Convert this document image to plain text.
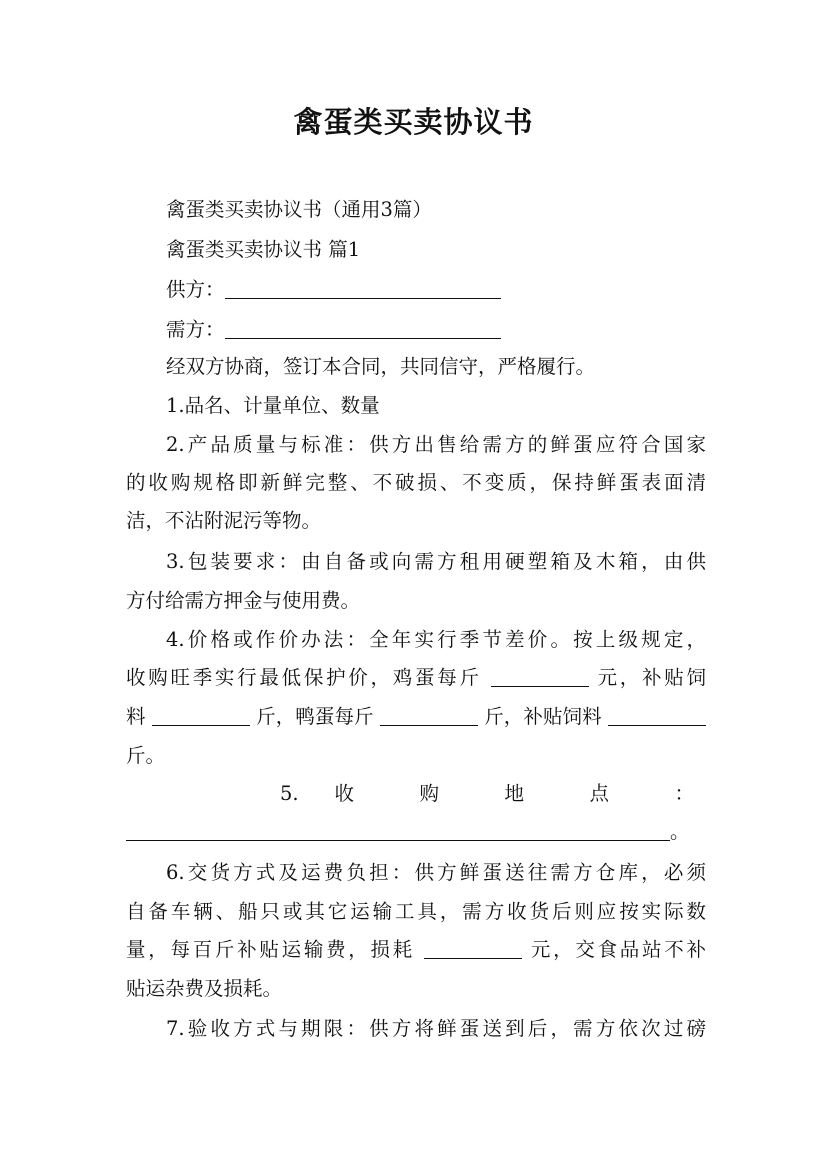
禽蛋类买卖协议书
禽蛋类买卖协议书（通用3篇）
禽蛋类买卖协议书 篇1
供方：
需方：
经双方协商，签订本合同，共同信守，严格履行。
1.品名、计量单位、数量
2.产品质量与标准：供方出售给需方的鲜蛋应符合国家
的收购规格即新鲜完整、不破损、不变质，保持鲜蛋表面清
洁，不沾附泥污等物。
3.包装要求：由自备或向需方租用硬塑箱及木箱，由供
方付给需方押金与使用费。
4.价格或作价办法：全年实行季节差价。按上级规定，
收购旺季实行最低保护价，鸡蛋每斤	元，补贴饲
料	斤，鸭蛋每斤	斤，补贴饲料
斤。
5. 收 购 地 点 ：
。
6.交货方式及运费负担：供方鲜蛋送往需方仓库，必须
自备车辆、船只或其它运输工具，需方收货后则应按实际数
量，每百斤补贴运输费，损耗	元，交食品站不补
贴运杂费及损耗。
7.验收方式与期限：供方将鲜蛋送到后，需方依次过磅
